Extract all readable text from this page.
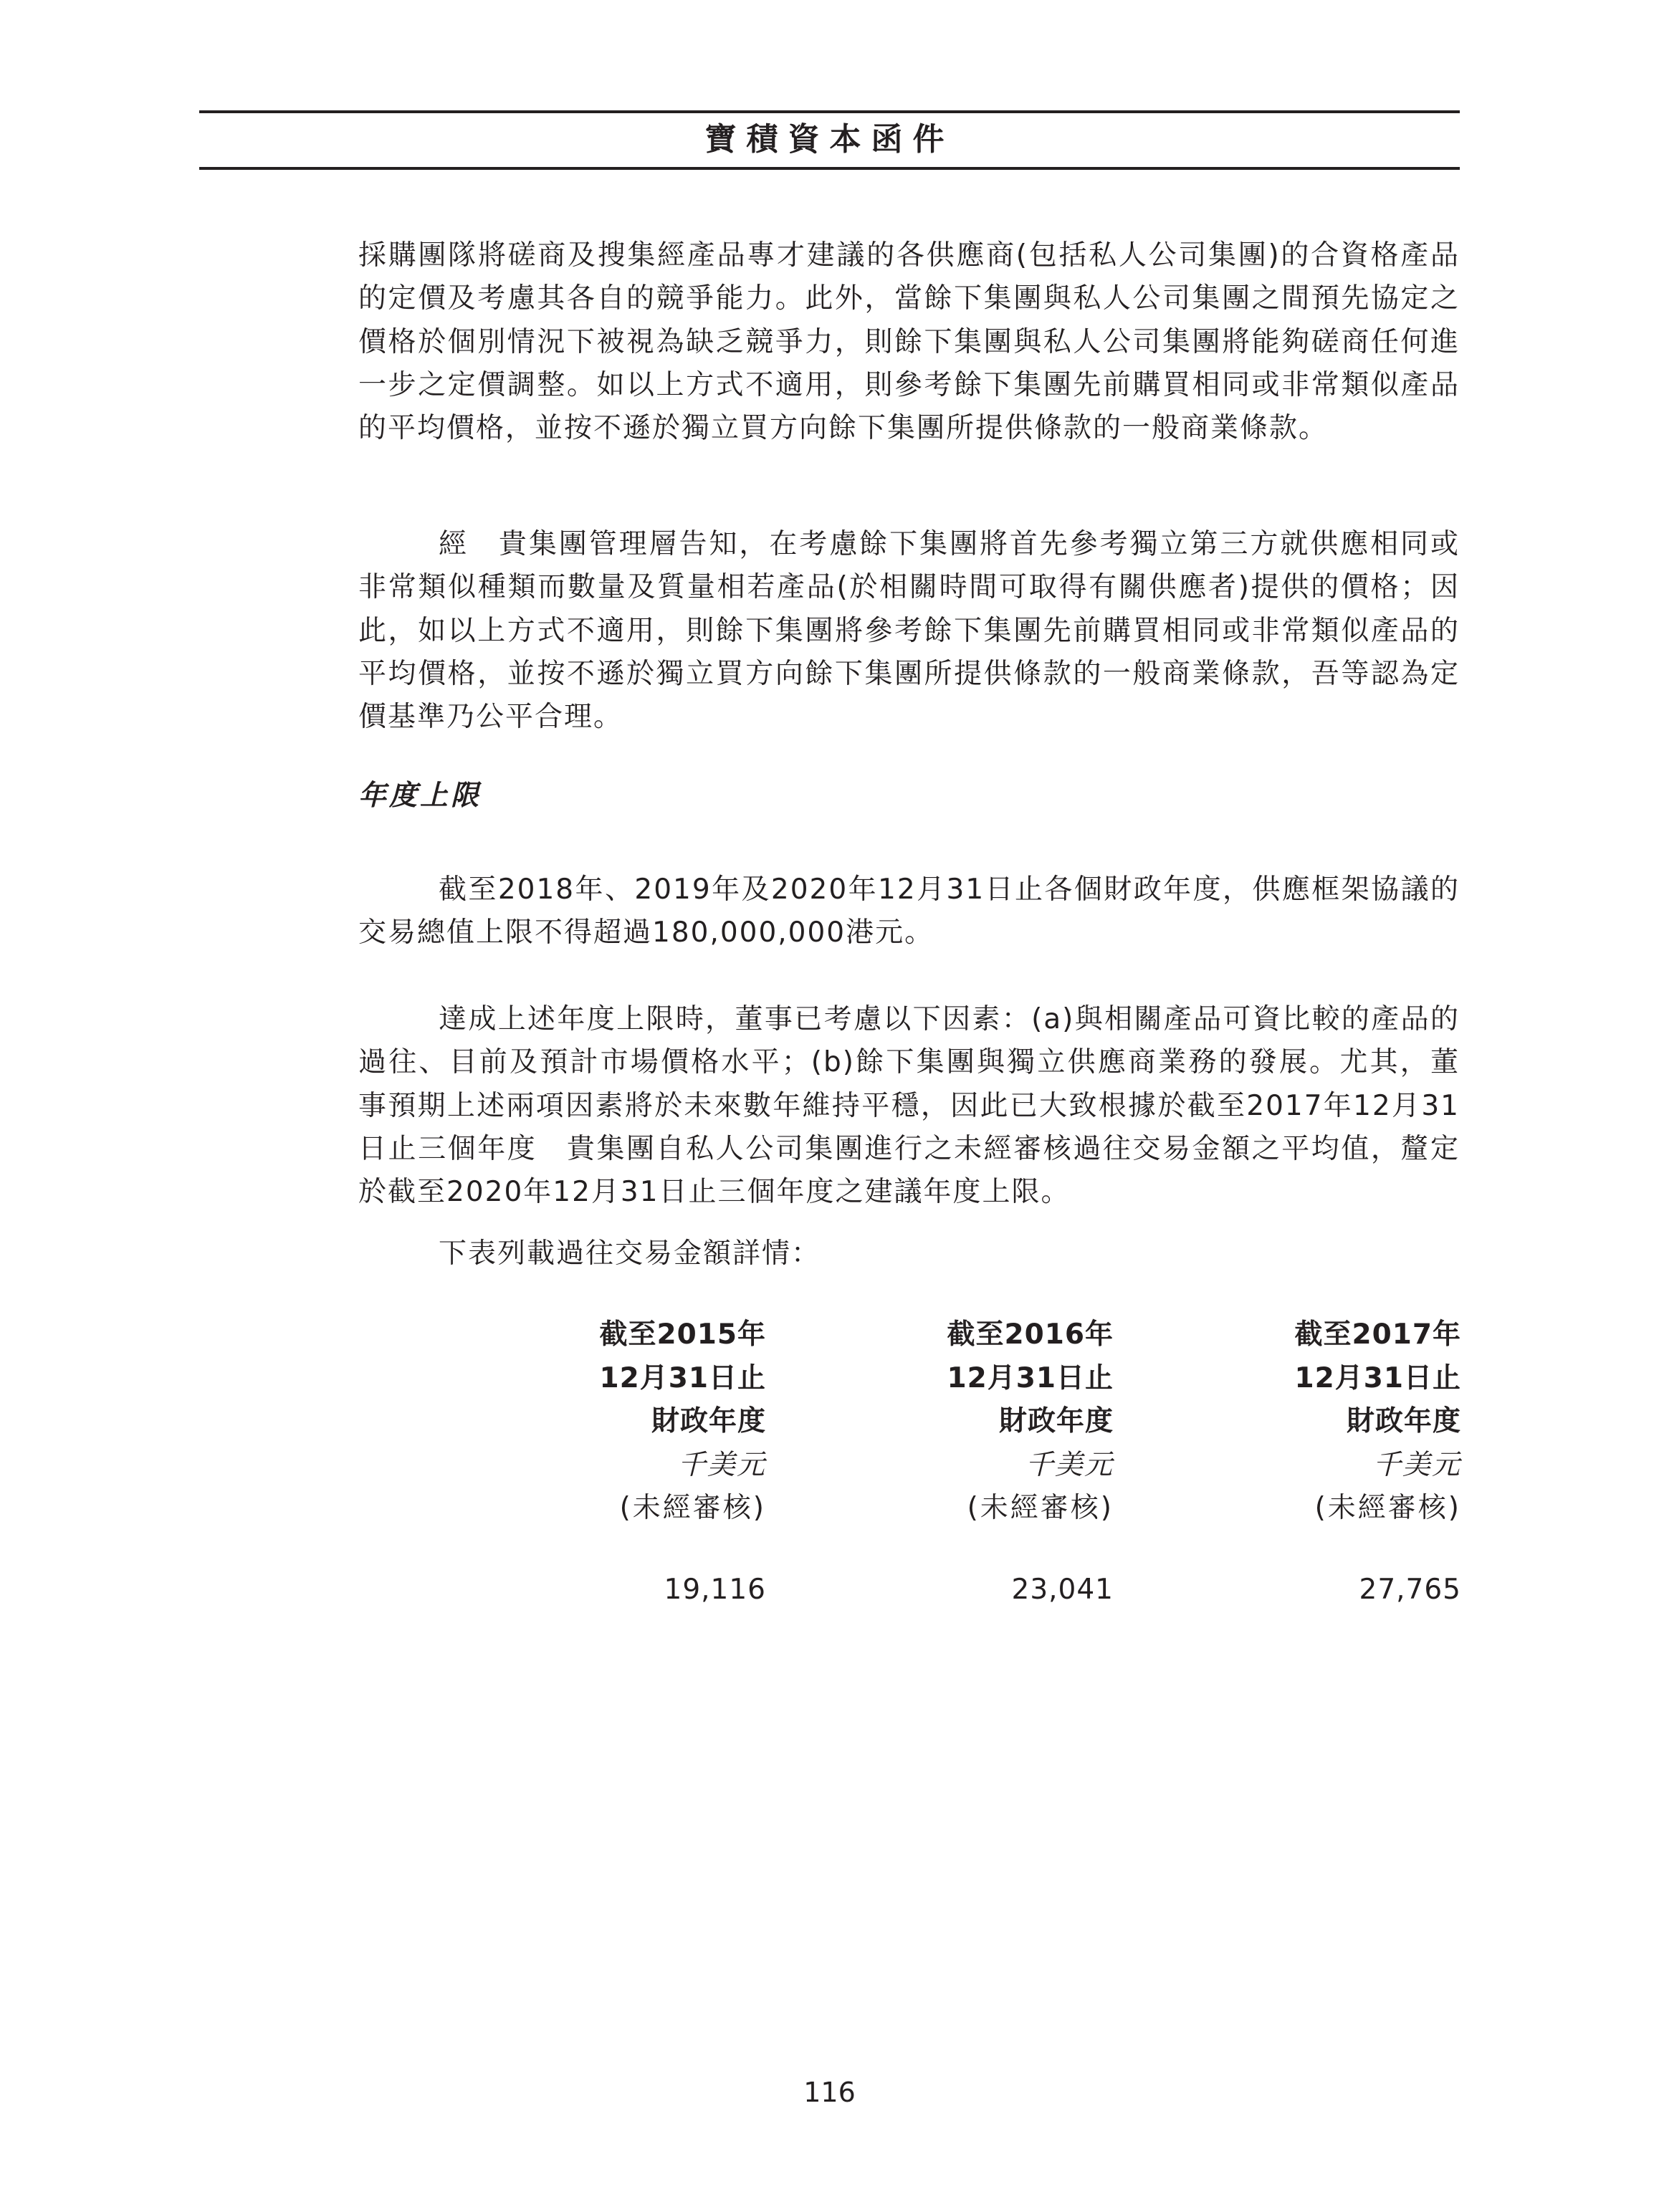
寶積資本函件

採購團隊將磋商及搜集經產品專才建議的各供應商(包括私人公司集團)的合資格產品的定價及考慮其各自的競爭能力。此外，當餘下集團與私人公司集團之間預先協定之價格於個別情況下被視為缺乏競爭力，則餘下集團與私人公司集團將能夠磋商任何進一步之定價調整。如以上方式不適用，則參考餘下集團先前購買相同或非常類似產品的平均價格，並按不遜於獨立買方向餘下集團所提供條款的一般商業條款。

經　貴集團管理層告知，在考慮餘下集團將首先參考獨立第三方就供應相同或非常類似種類而數量及質量相若產品(於相關時間可取得有關供應者)提供的價格；因此，如以上方式不適用，則餘下集團將參考餘下集團先前購買相同或非常類似產品的平均價格，並按不遜於獨立買方向餘下集團所提供條款的一般商業條款，吾等認為定價基準乃公平合理。

年度上限

截至2018年、2019年及2020年12月31日止各個財政年度，供應框架協議的交易總值上限不得超過180,000,000港元。

達成上述年度上限時，董事已考慮以下因素：(a)與相關產品可資比較的產品的過往、目前及預計市場價格水平；(b)餘下集團與獨立供應商業務的發展。尤其，董事預期上述兩項因素將於未來數年維持平穩，因此已大致根據於截至2017年12月31日止三個年度　貴集團自私人公司集團進行之未經審核過往交易金額之平均值，釐定於截至2020年12月31日止三個年度之建議年度上限。

下表列載過往交易金額詳情：

截至2015年
12月31日止
財政年度
千美元
(未經審核)
19,116
截至2016年
12月31日止
財政年度
千美元
(未經審核)
23,041
截至2017年
12月31日止
財政年度
千美元
(未經審核)
27,765
116
